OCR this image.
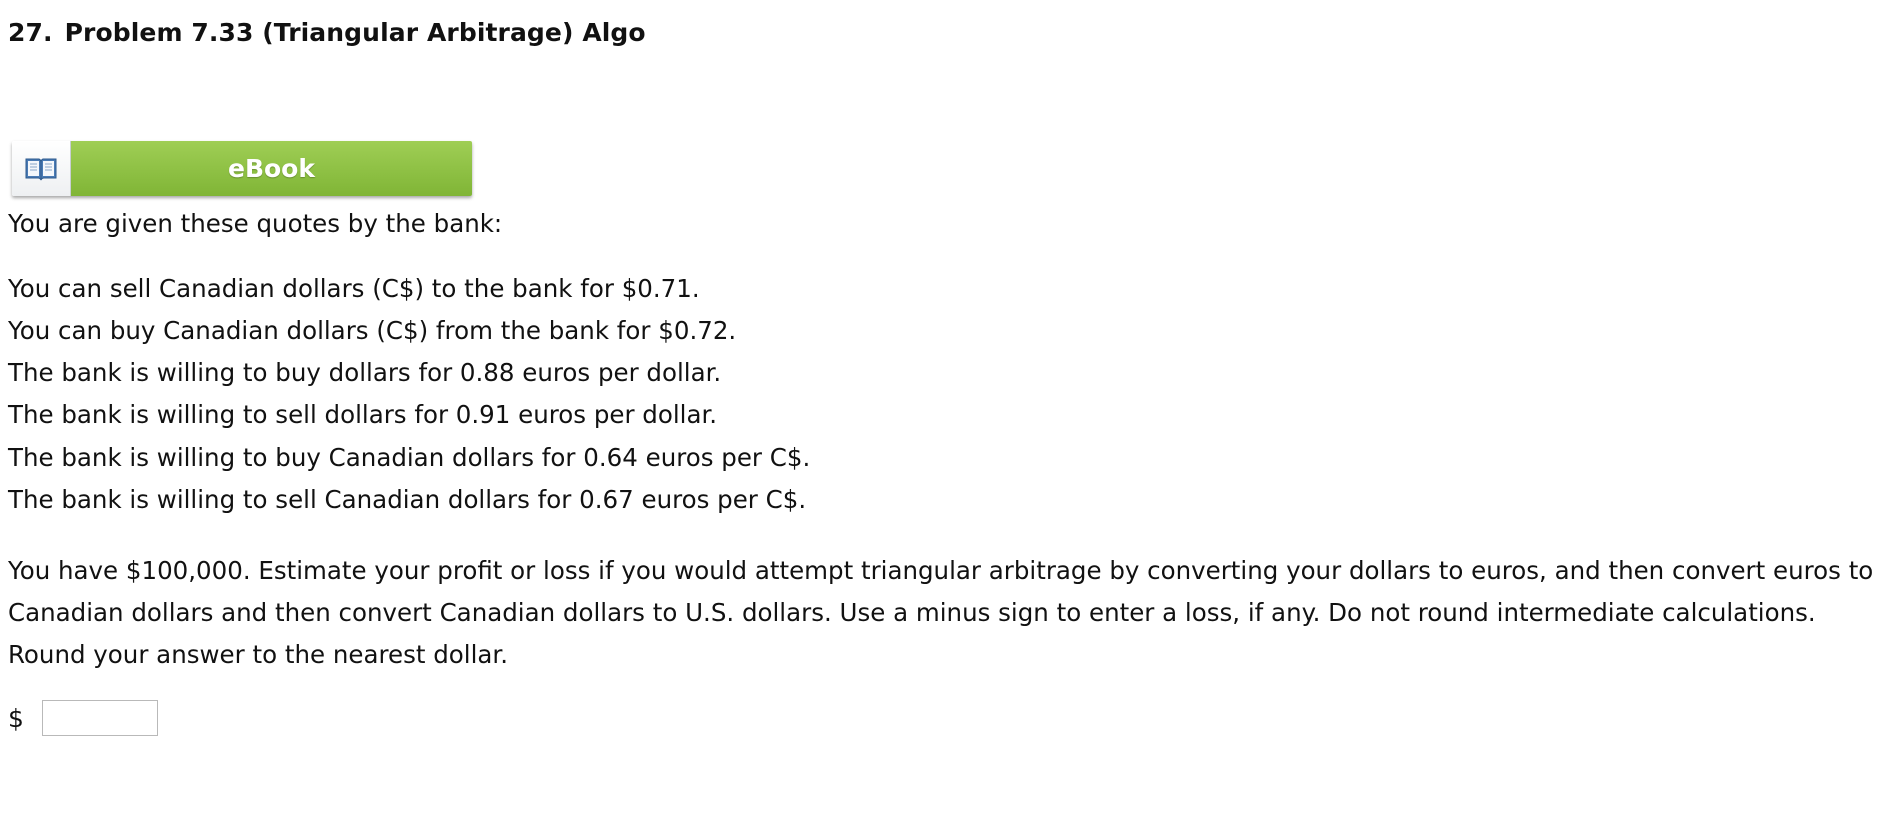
27. Problem 7.33 (Triangular Arbitrage) Algo
eBook
You are given these quotes by the bank:
You can sell Canadian dollars (C$) to the bank for $0.71.
You can buy Canadian dollars (C$) from the bank for $0.72.
The bank is willing to buy dollars for 0.88 euros per dollar.
The bank is willing to sell dollars for 0.91 euros per dollar.
The bank is willing to buy Canadian dollars for 0.64 euros per C$.
The bank is willing to sell Canadian dollars for 0.67 euros per C$.
You have $100,000. Estimate your profit or loss if you would attempt triangular arbitrage by converting your dollars to euros, and then convert euros to Canadian dollars and then convert Canadian dollars to U.S. dollars. Use a minus sign to enter a loss, if any. Do not round intermediate calculations. Round your answer to the nearest dollar.
$
